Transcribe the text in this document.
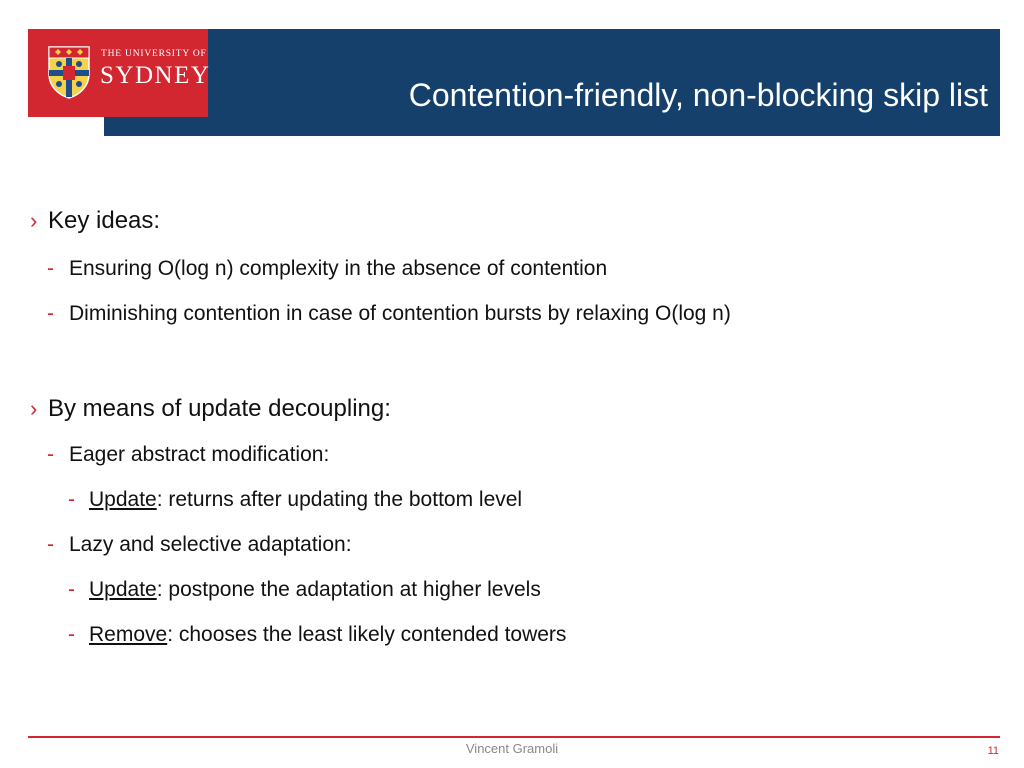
Contention-friendly, non-blocking skip list
THE UNIVERSITY OF
SYDNEY
› Key ideas:
- Ensuring O(log n) complexity in the absence of contention
- Diminishing contention in case of contention bursts by relaxing O(log n)
› By means of update decoupling:
- Eager abstract modification:
- Update: returns after updating the bottom level
- Lazy and selective adaptation:
- Update: postpone the adaptation at higher levels
- Remove: chooses the least likely contended towers
Vincent Gramoli	11
